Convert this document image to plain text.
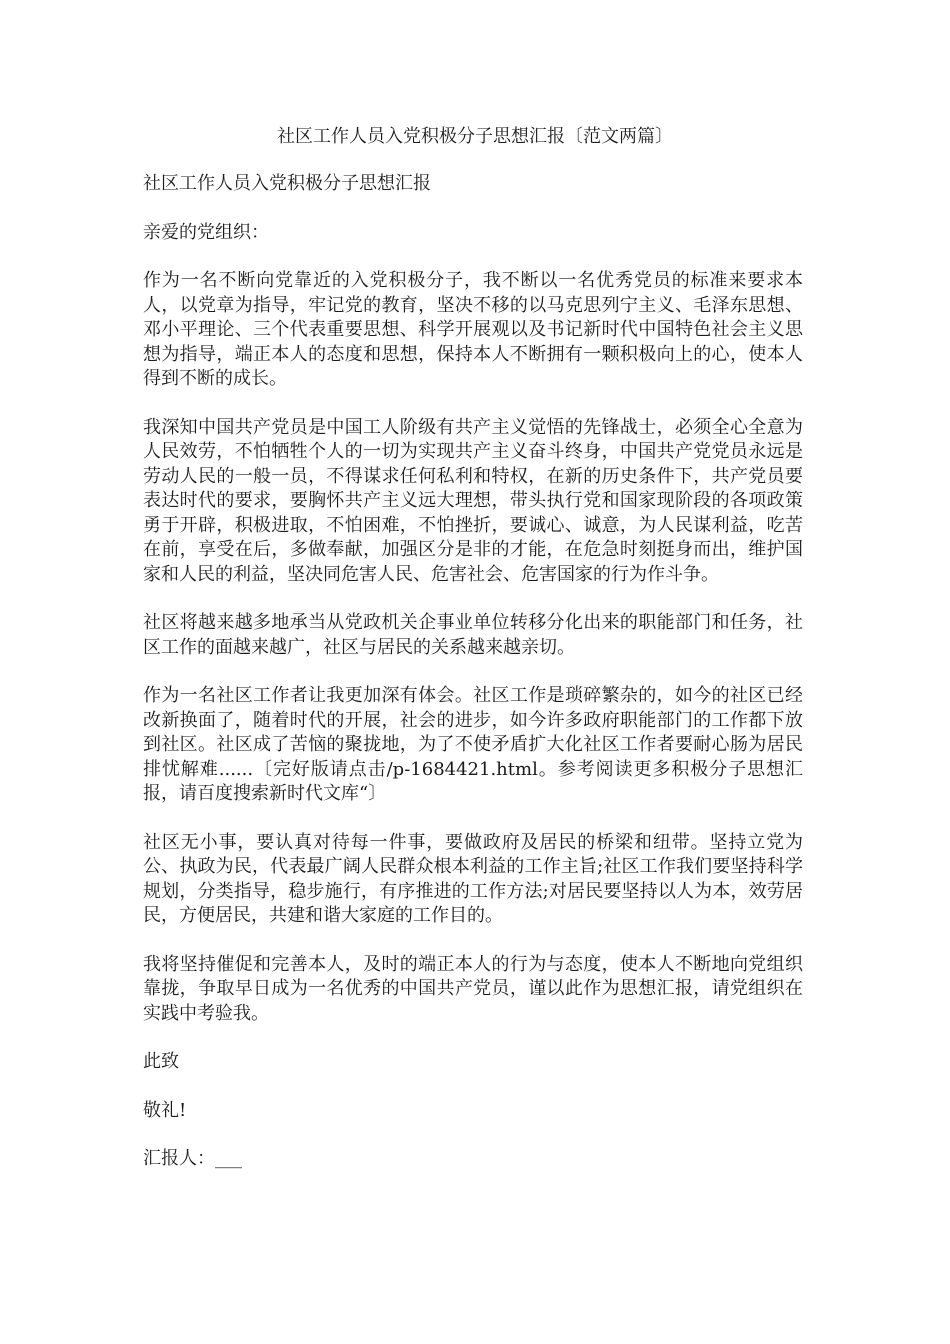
社区工作人员入党积极分子思想汇报〔范文两篇〕

社区工作人员入党积极分子思想汇报

亲爱的党组织：

作为一名不断向党靠近的入党积极分子，我不断以一名优秀党员的标准来要求本人，以党章为指导，牢记党的教育，坚决不移的以马克思列宁主义、毛泽东思想、邓小平理论、三个代表重要思想、科学开展观以及书记新时代中国特色社会主义思想为指导，端正本人的态度和思想，保持本人不断拥有一颗积极向上的心，使本人得到不断的成长。

我深知中国共产党员是中国工人阶级有共产主义觉悟的先锋战士，必须全心全意为人民效劳，不怕牺牲个人的一切为实现共产主义奋斗终身，中国共产党党员永远是劳动人民的一般一员，不得谋求任何私利和特权，在新的历史条件下，共产党员要表达时代的要求，要胸怀共产主义远大理想，带头执行党和国家现阶段的各项政策勇于开辟，积极进取，不怕困难，不怕挫折，要诚心、诚意，为人民谋利益，吃苦在前，享受在后，多做奉献，加强区分是非的才能，在危急时刻挺身而出，维护国家和人民的利益，坚决同危害人民、危害社会、危害国家的行为作斗争。

社区将越来越多地承当从党政机关企事业单位转移分化出来的职能部门和任务，社区工作的面越来越广，社区与居民的关系越来越亲切。

作为一名社区工作者让我更加深有体会。社区工作是琐碎繁杂的，如今的社区已经改新换面了，随着时代的开展，社会的进步，如今许多政府职能部门的工作都下放到社区。社区成了苦恼的聚拢地，为了不使矛盾扩大化社区工作者要耐心肠为居民排忧解难......〔完好版请点击/p-1684421.html。参考阅读更多积极分子思想汇报，请百度搜索新时代文库“〕

社区无小事，要认真对待每一件事，要做政府及居民的桥梁和纽带。坚持立党为公、执政为民，代表最广阔人民群众根本利益的工作主旨;社区工作我们要坚持科学规划，分类指导，稳步施行，有序推进的工作方法;对居民要坚持以人为本，效劳居民，方便居民，共建和谐大家庭的工作目的。

我将坚持催促和完善本人，及时的端正本人的行为与态度，使本人不断地向党组织靠拢，争取早日成为一名优秀的中国共产党员，谨以此作为思想汇报，请党组织在实践中考验我。

此致

敬礼!

汇报人：___
